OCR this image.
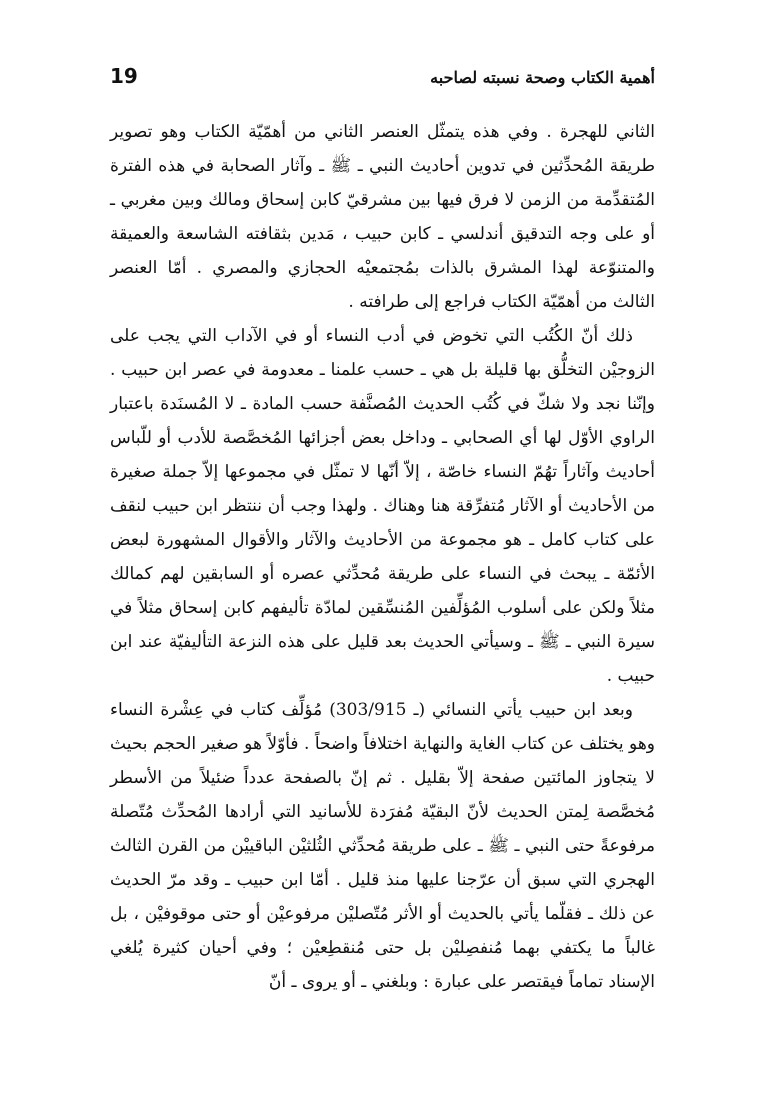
أهمية الكتاب وصحة نسبته لصاحبه
19

الثاني للهجرة . وفي هذه يتمثّل العنصر الثاني من أهمّيّة الكتاب وهو تصوير طريقة المُحدِّثين في تدوين أحاديث النبي ـ ﷺ ـ وآثار الصحابة في هذه الفترة المُتقدِّمة من الزمن لا فرق فيها بين مشرقيّ كابن إسحاق ومالك وبين مغربي ـ أو على وجه التدقيق أندلسي ـ كابن حبيب ، مَدين بثقافته الشاسعة والعميقة والمتنوّعة لهذا المشرق بالذات بمُجتمعيْه الحجازي والمصري . أمّا العنصر الثالث من أهمّيّة الكتاب فراجع إلى طرافته .

ذلك أنّ الكُتُب التي تخوض في أدب النساء أو في الآداب التي يجب على الزوجيْن التخلُّق بها قليلة بل هي ـ حسب علمنا ـ معدومة في عصر ابن حبيب . وإنّنا نجد ولا شكّ في كُتُب الحديث المُصنَّفة حسب المادة ـ لا المُسنَدة باعتبار الراوي الأوّل لها أي الصحابي ـ وداخل بعض أجزائها المُخصَّصة للأدب أو للّباس أحاديث وآثاراً تهُمّ النساء خاصّة ، إلاّ أنّها لا تمثّل في مجموعها إلاّ جملة صغيرة من الأحاديث أو الآثار مُتفرِّقة هنا وهناك . ولهذا وجب أن ننتظر ابن حبيب لنقف على كتاب كامل ـ هو مجموعة من الأحاديث والآثار والأقوال المشهورة لبعض الأئمّة ـ يبحث في النساء على طريقة مُحدِّثي عصره أو السابقين لهم كمالك مثلاً ولكن على أسلوب المُؤلِّفين المُنسِّقين لمادّة تأليفهم كابن إسحاق مثلاً في سيرة النبي ـ ﷺ ـ وسيأتي الحديث بعد قليل على هذه النزعة التأليفيّة عند ابن حبيب .

وبعد ابن حبيب يأتي النسائي (ـ 303/915) مُؤلِّف كتاب في عِشْرة النساء وهو يختلف عن كتاب الغاية والنهاية اختلافاً واضحاً . فأوّلاً هو صغير الحجم بحيث لا يتجاوز المائتين صفحة إلاّ بقليل . ثم إنّ بالصفحة عدداً ضئيلاً من الأسطر مُخصَّصة لِمتن الحديث لأنّ البقيّة مُفرَدة للأسانيد التي أرادها المُحدِّث مُتّصلة مرفوعةً حتى النبي ـ ﷺ ـ على طريقة مُحدِّثي الثُلثيْن الباقييْن من القرن الثالث الهجري التي سبق أن عرّجنا عليها منذ قليل . أمّا ابن حبيب ـ وقد مرّ الحديث عن ذلك ـ فقلّما يأتي بالحديث أو الأثر مُتّصليْن مرفوعيْن أو حتى موقوفيْن ، بل غالباً ما يكتفي بهما مُنفصِليْن بل حتى مُنقطِعيْن ؛ وفي أحيان كثيرة يُلغي الإسناد تماماً فيقتصر على عبارة : وبلغني ـ أو يروى ـ أنّ
